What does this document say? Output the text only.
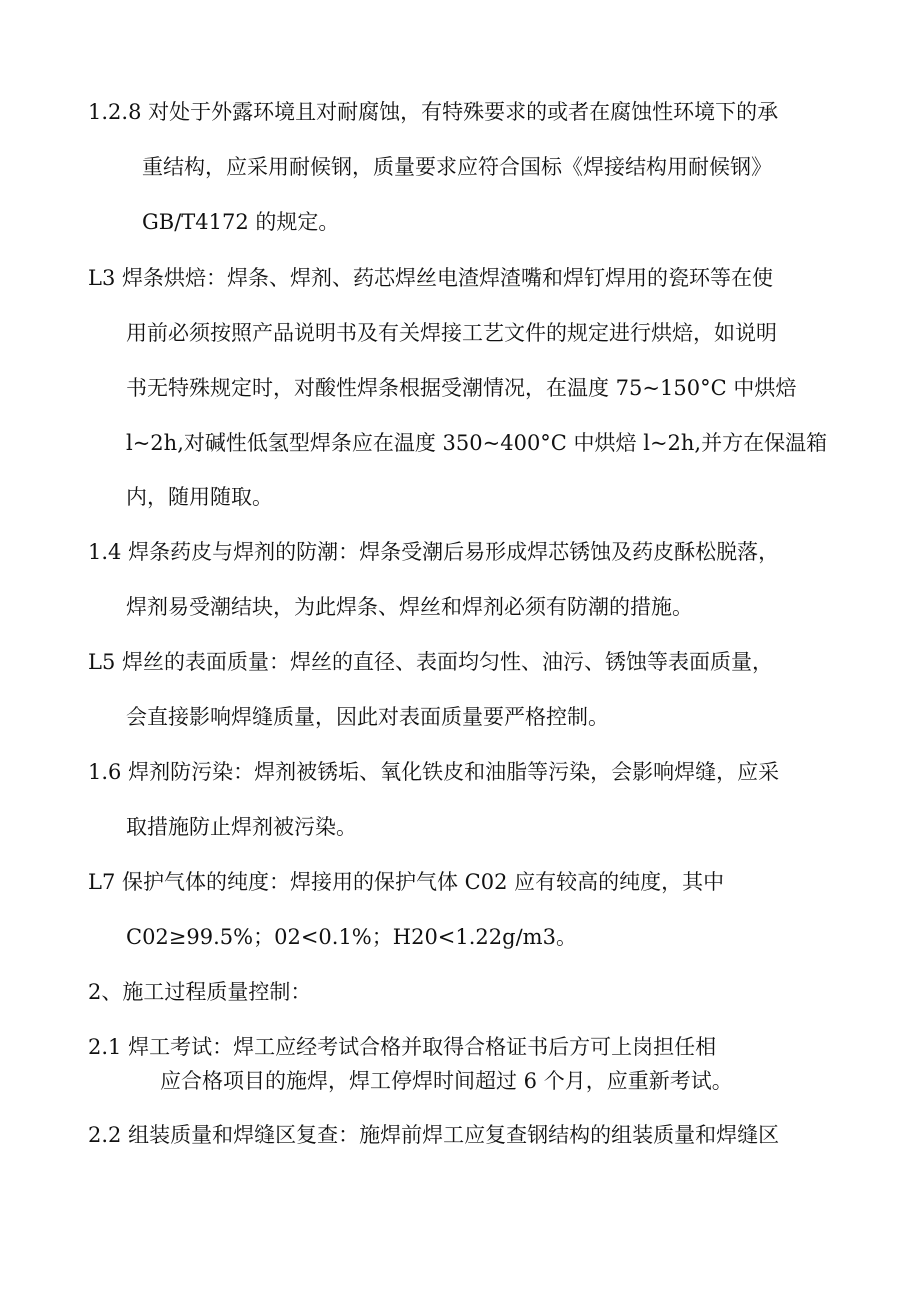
1.2.8 对处于外露环境且对耐腐蚀，有特殊要求的或者在腐蚀性环境下的承
重结构，应采用耐候钢，质量要求应符合国标《焊接结构用耐候钢》
GB/T4172 的规定。
L3 焊条烘焙：焊条、焊剂、药芯焊丝电渣焊渣嘴和焊钉焊用的瓷环等在使
用前必须按照产品说明书及有关焊接工艺文件的规定进行烘焙，如说明
书无特殊规定时，对酸性焊条根据受潮情况，在温度 75~150°C 中烘焙
l~2h,对碱性低氢型焊条应在温度 350~400°C 中烘焙 l~2h,并方在保温箱
内，随用随取。
1.4 焊条药皮与焊剂的防潮：焊条受潮后易形成焊芯锈蚀及药皮酥松脱落，
焊剂易受潮结块，为此焊条、焊丝和焊剂必须有防潮的措施。
L5 焊丝的表面质量：焊丝的直径、表面均匀性、油污、锈蚀等表面质量，
会直接影响焊缝质量，因此对表面质量要严格控制。
1.6 焊剂防污染：焊剂被锈垢、氧化铁皮和油脂等污染，会影响焊缝，应采
取措施防止焊剂被污染。
L7 保护气体的纯度：焊接用的保护气体 C02 应有较高的纯度，其中
C02≥99.5%；02<0.1%；H20<1.22g∕m3。
2、施工过程质量控制：
2.1 焊工考试：焊工应经考试合格并取得合格证书后方可上岗担任相
应合格项目的施焊，焊工停焊时间超过 6 个月，应重新考试。
2.2 组装质量和焊缝区复查：施焊前焊工应复查钢结构的组装质量和焊缝区
